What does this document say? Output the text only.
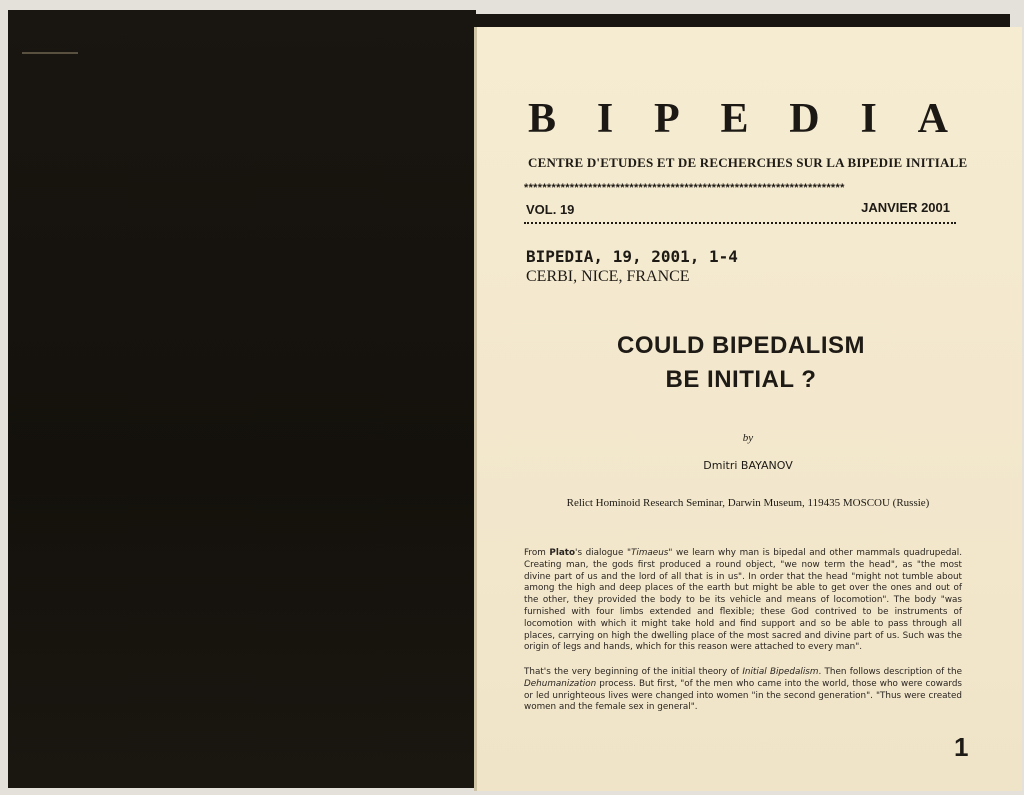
B I P E D I A
CENTRE D'ETUDES ET DE RECHERCHES SUR LA BIPEDIE INITIALE
**********************************************************************
VOL. 19	JANVIER 2001
BIPEDIA, 19, 2001, 1-4
CERBI, NICE, FRANCE
COULD BIPEDALISM
BE INITIAL ?
by
Dmitri BAYANOV
Relict Hominoid Research Seminar, Darwin Museum, 119435 MOSCOU (Russie)
From Plato's dialogue "Timaeus" we learn why man is bipedal and other mammals quadrupedal. Creating man, the gods first produced a round object, "we now term the head", as "the most divine part of us and the lord of all that is in us". In order that the head "might not tumble about among the high and deep places of the earth but might be able to get over the ones and out of the other, they provided the body to be its vehicle and means of locomotion". The body "was furnished with four limbs extended and flexible; these God contrived to be instruments of locomotion with which it might take hold and find support and so be able to pass through all places, carrying on high the dwelling place of the most sacred and divine part of us. Such was the origin of legs and hands, which for this reason were attached to every man".
That's the very beginning of the initial theory of Initial Bipedalism. Then follows description of the Dehumanization process. But first, "of the men who came into the world, those who were cowards or led unrighteous lives were changed into women "in the second generation". "Thus were created women and the female sex in general".
1
